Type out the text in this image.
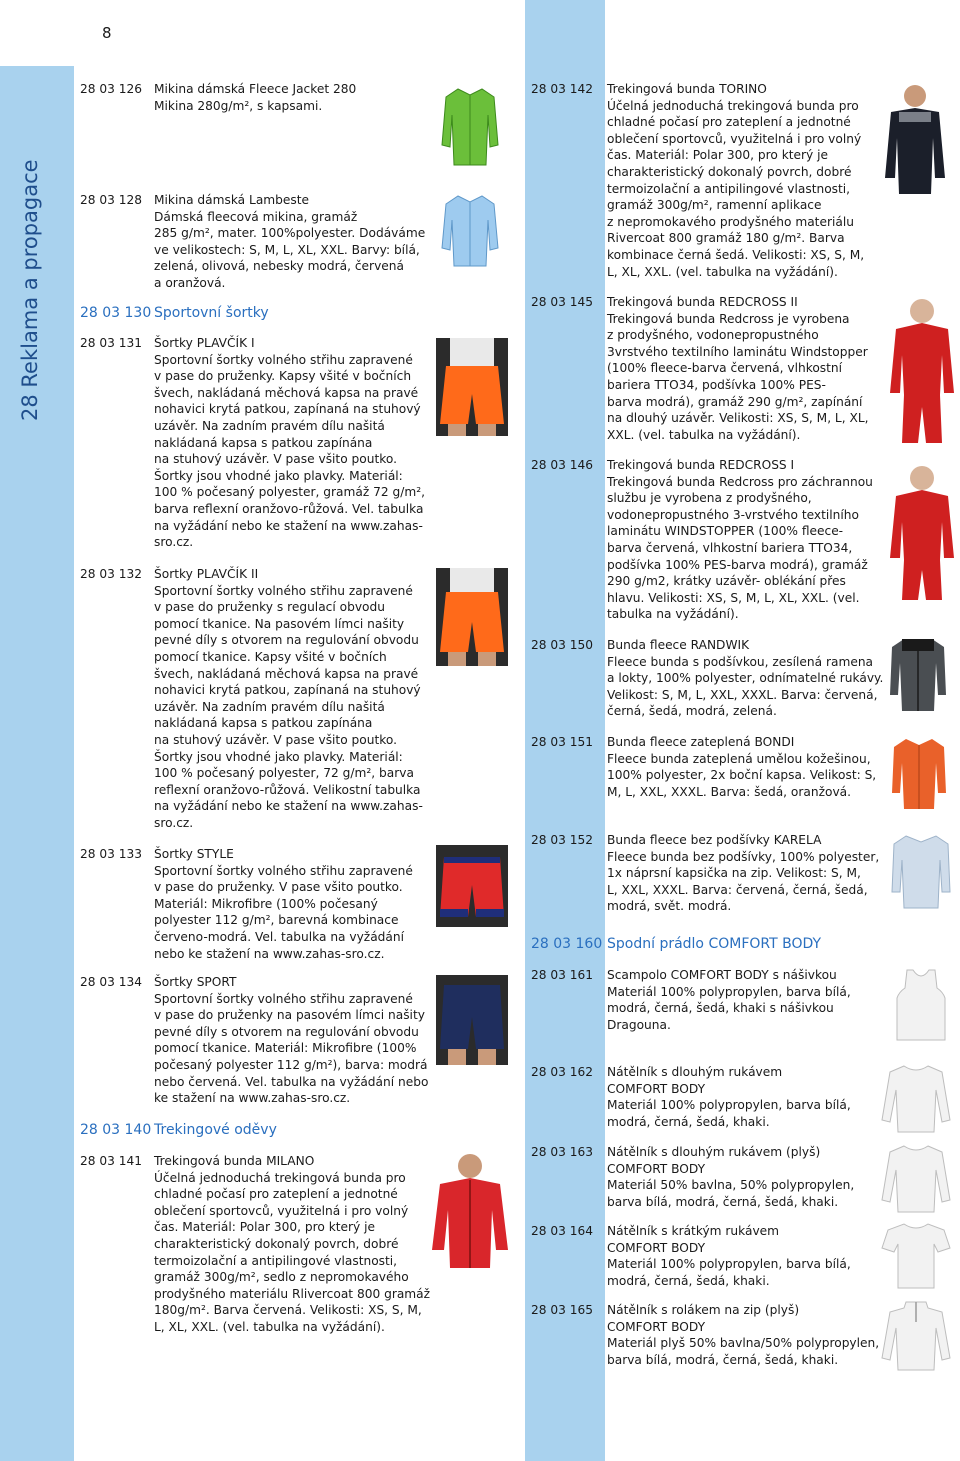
28 Reklama a propagace
8
28 03 126 Mikina dámská Fleece Jacket 280
Mikina 280g/m², s kapsami.
28 03 128 Mikina dámská Lambeste
Dámská fleecová mikina, gramáž
285 g/m², mater. 100%polyester. Dodáváme
ve velikostech: S, M, L, XL, XXL. Barvy: bílá,
zelená, olivová, nebesky modrá, červená
a oranžová.
28 03 130 Sportovní šortky
28 03 131 Šortky PLAVČÍK I
Sportovní šortky volného střihu zapravené
v pase do pruženky. Kapsy všité v bočních
švech, nakládaná měchová kapsa na pravé
nohavici krytá patkou, zapínaná na stuhový
uzávěr. Na zadním pravém dílu našitá
nakládaná kapsa s patkou zapínána
na stuhový uzávěr. V pase všito poutko.
Šortky jsou vhodné jako plavky. Materiál:
100 % počesaný polyester, gramáž 72 g/m²,
barva reflexní oranžovo-růžová. Vel. tabulka
na vyžádání nebo ke stažení na www.zahas-
sro.cz.
28 03 132 Šortky PLAVČÍK II
Sportovní šortky volného střihu zapravené
v pase do pruženky s regulací obvodu
pomocí tkanice. Na pasovém límci našity
pevné díly s otvorem na regulování obvodu
pomocí tkanice. Kapsy všité v bočních
švech, nakládaná měchová kapsa na pravé
nohavici krytá patkou, zapínaná na stuhový
uzávěr. Na zadním pravém dílu našitá
nakládaná kapsa s patkou zapínána
na stuhový uzávěr. V pase všito poutko.
Šortky jsou vhodné jako plavky. Materiál:
100 % počesaný polyester, 72 g/m², barva
reflexní oranžovo-růžová. Velikostní tabulka
na vyžádání nebo ke stažení na www.zahas-
sro.cz.
28 03 133 Šortky STYLE
Sportovní šortky volného střihu zapravené
v pase do pruženky. V pase všito poutko.
Materiál: Mikrofibre (100% počesaný
polyester 112 g/m², barevná kombinace
červeno-modrá. Vel. tabulka na vyžádání
nebo ke stažení na www.zahas-sro.cz.
28 03 134 Šortky SPORT
Sportovní šortky volného střihu zapravené
v pase do pruženky na pasovém límci našity
pevné díly s otvorem na regulování obvodu
pomocí tkanice. Materiál: Mikrofibre (100%
počesaný polyester 112 g/m²), barva: modrá
nebo červená. Vel. tabulka na vyžádání nebo
ke stažení na www.zahas-sro.cz.
28 03 140 Trekingové oděvy
28 03 141 Trekingová bunda MILANO
Účelná jednoduchá trekingová bunda pro
chladné počasí pro zateplení a jednotné
oblečení sportovců, využitelná i pro volný
čas. Materiál: Polar 300, pro který je
charakteristický dokonalý povrch, dobré
termoizolační a antipilingové vlastnosti,
gramáž 300g/m², sedlo z nepromokavého
prodyšného materiálu Rlivercoat 800 gramáž
180g/m². Barva červená. Velikosti: XS, S, M,
L, XL, XXL. (vel. tabulka na vyžádání).
28 03 142 Trekingová bunda TORINO
Účelná jednoduchá trekingová bunda pro
chladné počasí pro zateplení a jednotné
oblečení sportovců, využitelná i pro volný
čas. Materiál: Polar 300, pro který je
charakteristický dokonalý povrch, dobré
termoizolační a antipilingové vlastnosti,
gramáž 300g/m², ramenní aplikace
z nepromokavého prodyšného materiálu
Rivercoat 800 gramáž 180 g/m². Barva
kombinace černá šedá. Velikosti: XS, S, M,
L, XL, XXL. (vel. tabulka na vyžádání).
28 03 145 Trekingová bunda REDCROSS II
Trekingová bunda Redcross je vyrobena
z prodyšného, vodonepropustného
3vrstvého textilního laminátu Windstopper
(100% fleece-barva červená, vlhkostní
bariera TTO34, podšívka 100% PES-
barva modrá), gramáž 290 g/m², zapínání
na dlouhý uzávěr. Velikosti: XS, S, M, L, XL,
XXL. (vel. tabulka na vyžádání).
28 03 146 Trekingová bunda REDCROSS I
Trekingová bunda Redcross pro záchrannou
službu je vyrobena z prodyšného,
vodonepropustného 3-vrstvého textilního
laminátu WINDSTOPPER (100% fleece-
barva červená, vlhkostní bariera TTO34,
podšívka 100% PES-barva modrá), gramáž
290 g/m2, krátky uzávěr- oblékání přes
hlavu. Velikosti: XS, S, M, L, XL, XXL. (vel.
tabulka na vyžádání).
28 03 150 Bunda fleece RANDWIK
Fleece bunda s podšívkou, zesílená ramena
a lokty, 100% polyester, odnímatelné rukávy.
Velikost: S, M, L, XXL, XXXL. Barva: červená,
černá, šedá, modrá, zelená.
28 03 151 Bunda fleece zateplená BONDI
Fleece bunda zateplená umělou kožešinou,
100% polyester, 2x boční kapsa. Velikost: S,
M, L, XXL, XXXL. Barva: šedá, oranžová.
28 03 152 Bunda fleece bez podšívky KARELA
Fleece bunda bez podšívky, 100% polyester,
1x náprsní kapsička na zip. Velikost: S, M,
L, XXL, XXXL. Barva: červená, černá, šedá,
modrá, svět. modrá.
28 03 160 Spodní prádlo COMFORT BODY
28 03 161 Scampolo COMFORT BODY s nášivkou
Materiál 100% polypropylen, barva bílá,
modrá, černá, šedá, khaki s nášivkou
Dragouna.
28 03 162 Nátělník s dlouhým rukávem
COMFORT BODY
Materiál 100% polypropylen, barva bílá,
modrá, černá, šedá, khaki.
28 03 163 Nátělník s dlouhým rukávem (plyš)
COMFORT BODY
Materiál 50% bavlna, 50% polypropylen,
barva bílá, modrá, černá, šedá, khaki.
28 03 164 Nátělník s krátkým rukávem
COMFORT BODY
Materiál 100% polypropylen, barva bílá,
modrá, černá, šedá, khaki.
28 03 165 Nátělník s rolákem na zip (plyš)
COMFORT BODY
Materiál plyš 50% bavlna/50% polypropylen,
barva bílá, modrá, černá, šedá, khaki.
